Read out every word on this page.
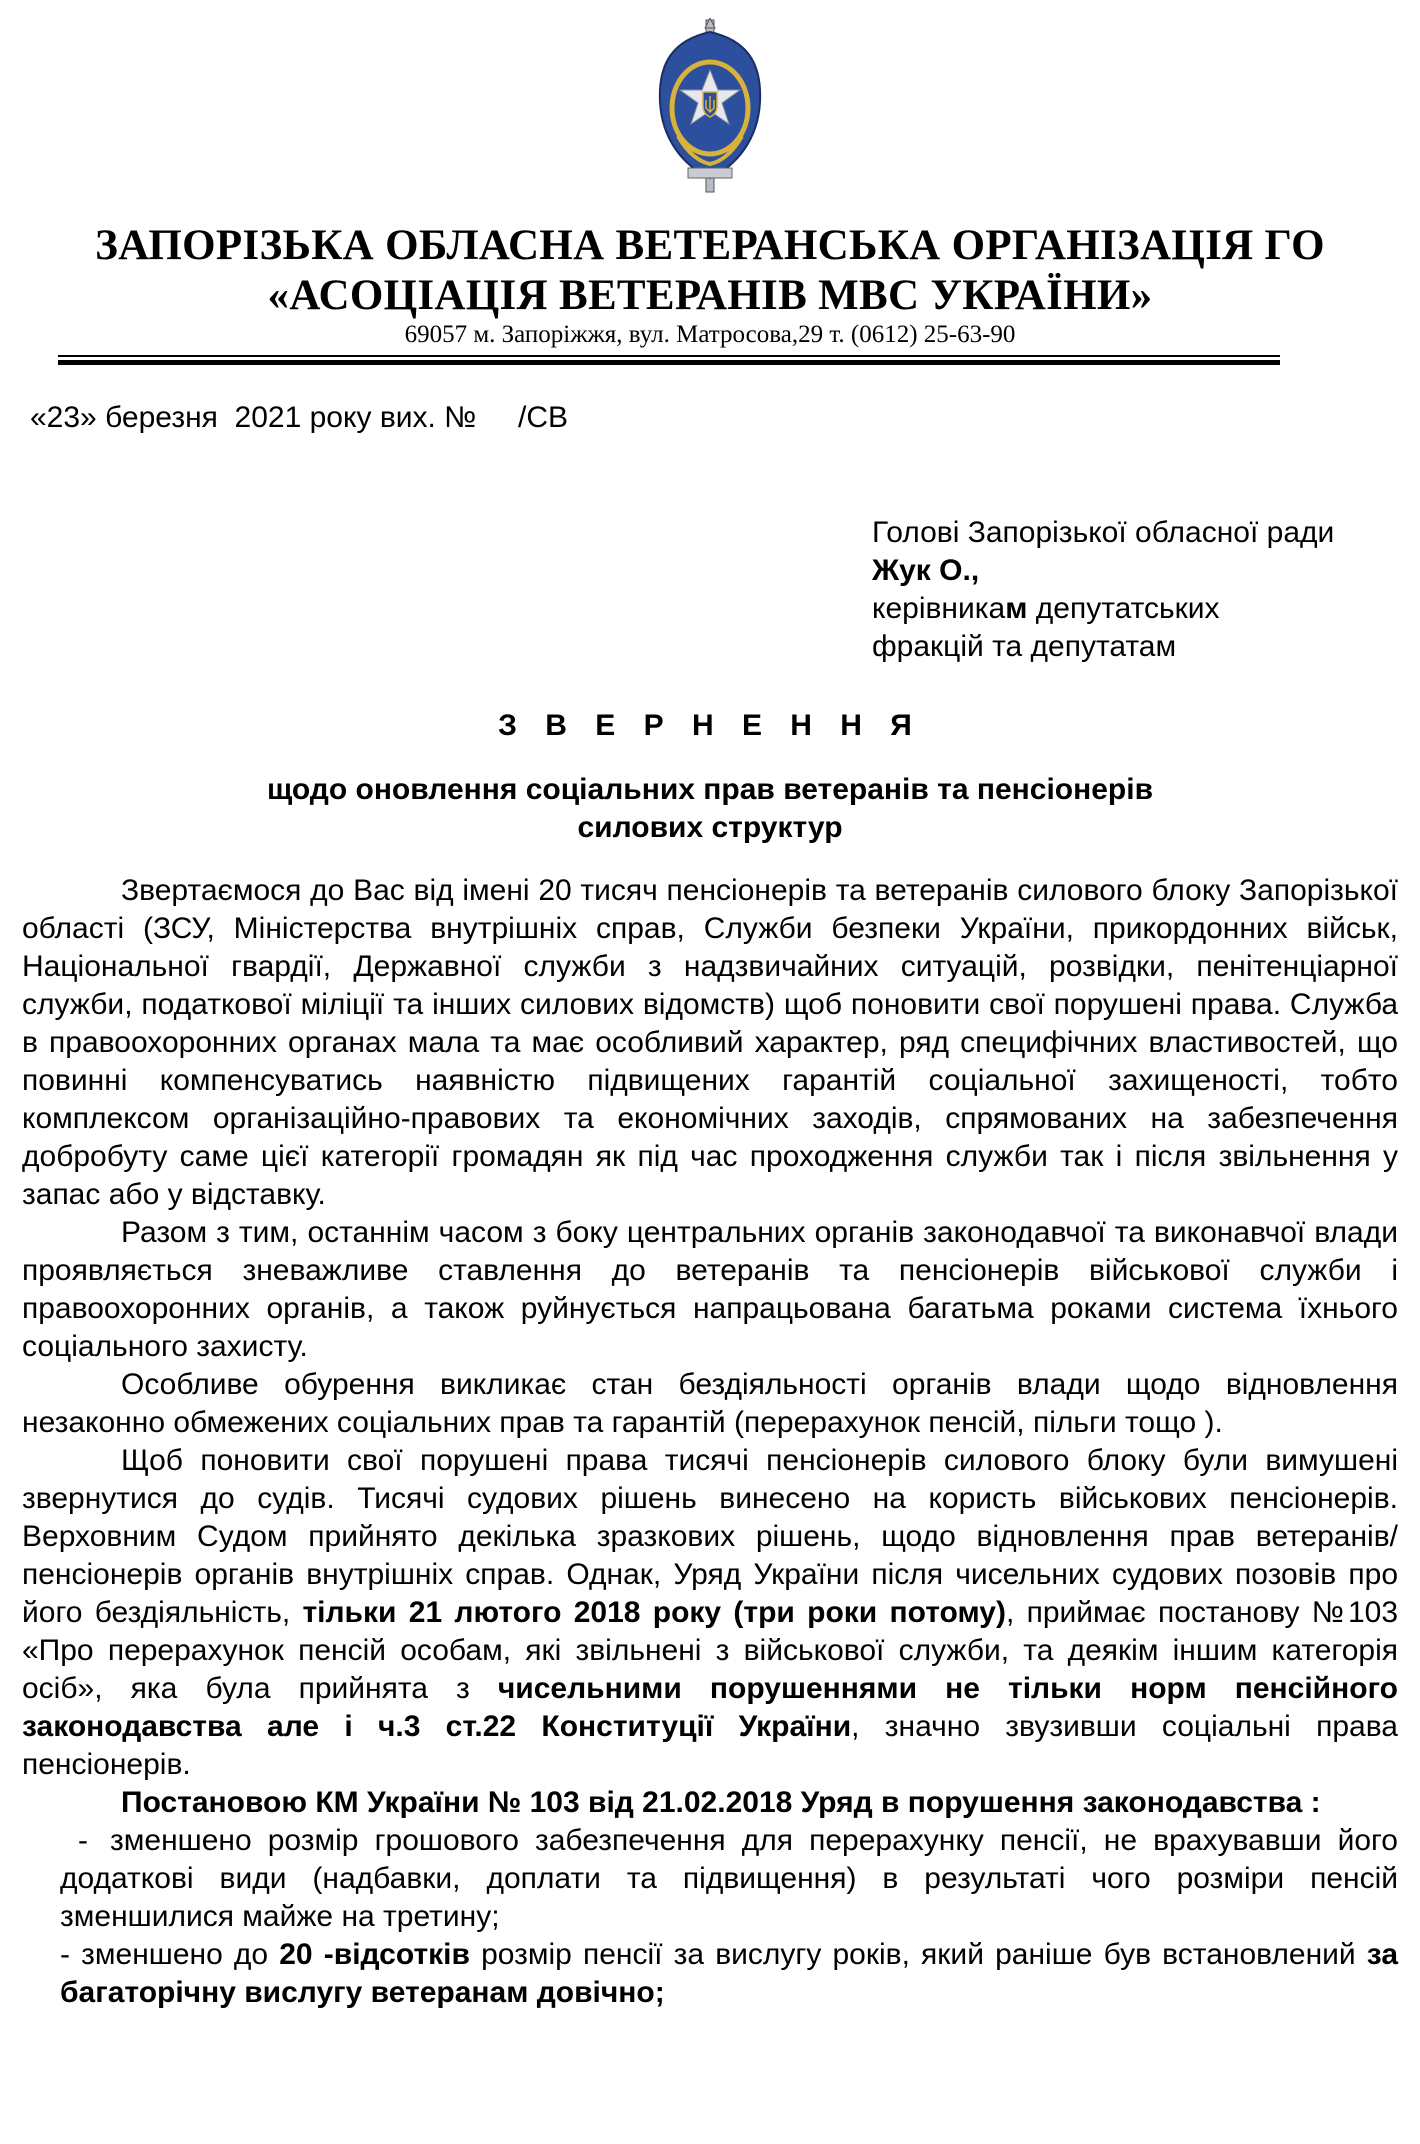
ЗАПОРІЗЬКА ОБЛАСНА ВЕТЕРАНСЬКА ОРГАНІЗАЦІЯ ГО
«АСОЦІАЦІЯ ВЕТЕРАНІВ МВС УКРАЇНИ»
69057 м. Запоріжжя, вул. Матросова,29 т. (0612) 25-63-90
«23» березня  2021 року вих. №     /СВ
Голові Запорізької обласної ради
Жук О.,
керівникам депутатських
фракцій та депутатам
З В Е Р Н Е Н Н Я
щодо оновлення соціальних прав ветеранів та пенсіонерів
силових структур

Звертаємося до Вас від імені 20 тисяч пенсіонерів та ветеранів силового блоку Запорізької області (ЗСУ, Міністерства внутрішніх справ, Служби безпеки України, прикордонних військ, Національної гвардії, Державної служби з надзвичайних ситуацій, розвідки, пенітенціарної служби, податкової міліції та інших силових відомств) щоб поновити свої порушені права. Служба в правоохоронних органах мала та має особливий характер, ряд специфічних властивостей, що повинні компенсуватись наявністю підвищених гарантій соціальної захищеності, тобто комплексом організаційно-правових та економічних заходів, спрямованих на забезпечення добробуту саме цієї категорії громадян як під час проходження служби так і після звільнення у запас або у відставку.

Разом з тим, останнім часом з боку центральних органів законодавчої та виконавчої влади проявляється зневажливе ставлення до ветеранів та пенсіонерів військової служби і правоохоронних органів, а також руйнується напрацьована багатьма роками система їхнього соціального захисту.

Особливе обурення викликає стан бездіяльності органів влади щодо відновлення незаконно обмежених соціальних прав та гарантій (перерахунок пенсій, пільги тощо ).

Щоб поновити свої порушені права тисячі пенсіонерів силового блоку були вимушені звернутися до судів. Тисячі судових рішень винесено на користь військових пенсіонерів. Верховним Судом прийнято декілька зразкових рішень, щодо відновлення прав ветеранів/пенсіонерів органів внутрішніх справ. Однак, Уряд України після чисельних судових позовів про його бездіяльність, тільки 21 лютого 2018 року (три роки потому), приймає постанову №103 «Про перерахунок пенсій особам, які звільнені з військової служби, та деякім іншим категорія осіб», яка була прийнята з чисельними порушеннями не тільки норм пенсійного законодавства але і ч.3 ст.22 Конституції України, значно звузивши соціальні права пенсіонерів.

Постановою КМ України № 103 від 21.02.2018 Уряд в порушення законодавства :

- зменшено розмір грошового забезпечення для перерахунку пенсії, не врахувавши його додаткові види (надбавки, доплати та підвищення) в результаті чого розміри пенсій зменшилися майже на третину;

- зменшено до 20 -відсотків розмір пенсії за вислугу років, який раніше був встановлений за багаторічну вислугу ветеранам довічно;
